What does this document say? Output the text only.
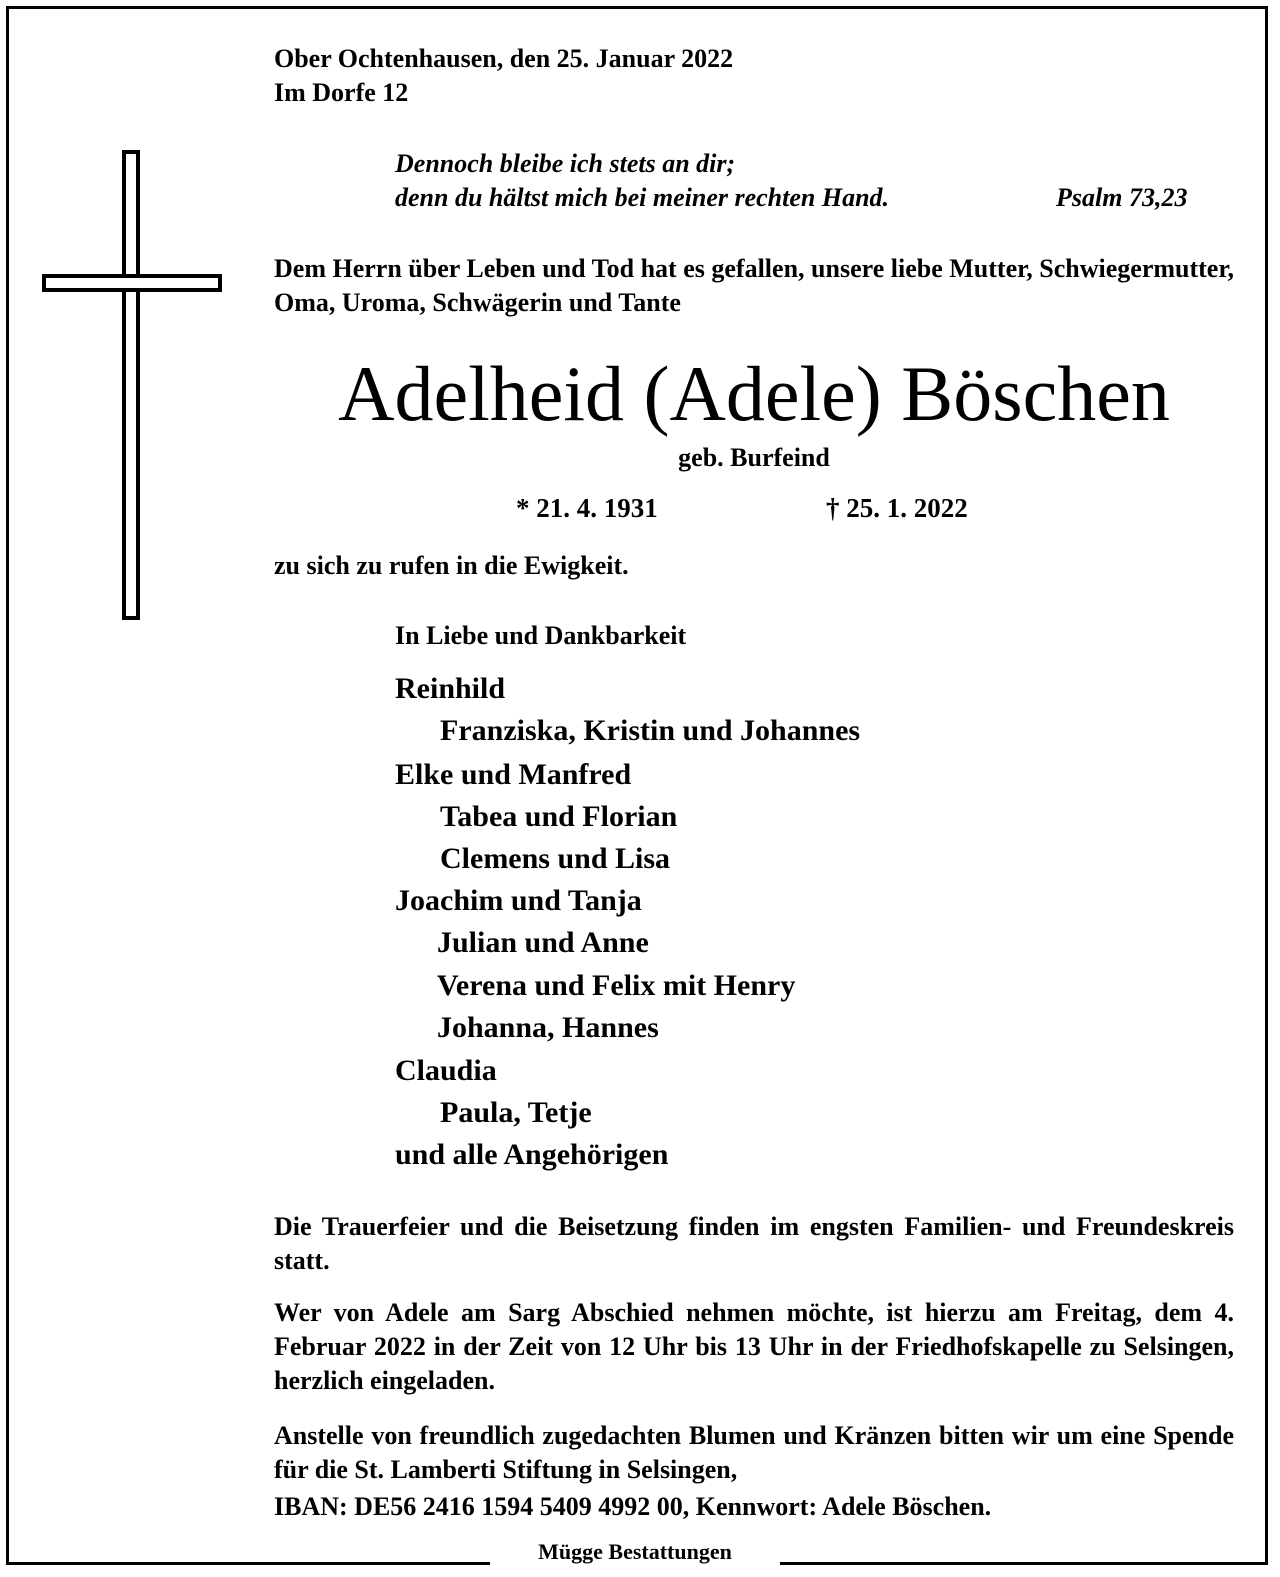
Ober Ochtenhausen, den 25. Januar 2022
Im Dorfe 12
Dennoch bleibe ich stets an dir;
denn du hältst mich bei meiner rechten Hand.	Psalm 73,23
Dem Herrn über Leben und Tod hat es gefallen, unsere liebe Mutter, Schwiegermutter, Oma, Uroma, Schwägerin und Tante
Adelheid (Adele) Böschen
geb. Burfeind
* 21. 4. 1931	† 25. 1. 2022
zu sich zu rufen in die Ewigkeit.
In Liebe und Dankbarkeit
Reinhild
Franziska, Kristin und Johannes
Elke und Manfred
Tabea und Florian
Clemens und Lisa
Joachim und Tanja
Julian und Anne
Verena und Felix mit Henry
Johanna, Hannes
Claudia
Paula, Tetje
und alle Angehörigen
Die Trauerfeier und die Beisetzung finden im engsten Familien- und Freundeskreis statt.
Wer von Adele am Sarg Abschied nehmen möchte, ist hierzu am Freitag, dem 4. Februar 2022 in der Zeit von 12 Uhr bis 13 Uhr in der Friedhofskapelle zu Selsingen, herzlich eingeladen.
Anstelle von freundlich zugedachten Blumen und Kränzen bitten wir um eine Spende für die St. Lamberti Stiftung in Selsingen,
IBAN: DE56 2416 1594 5409 4992 00, Kennwort: Adele Böschen.
Mügge Bestattungen
